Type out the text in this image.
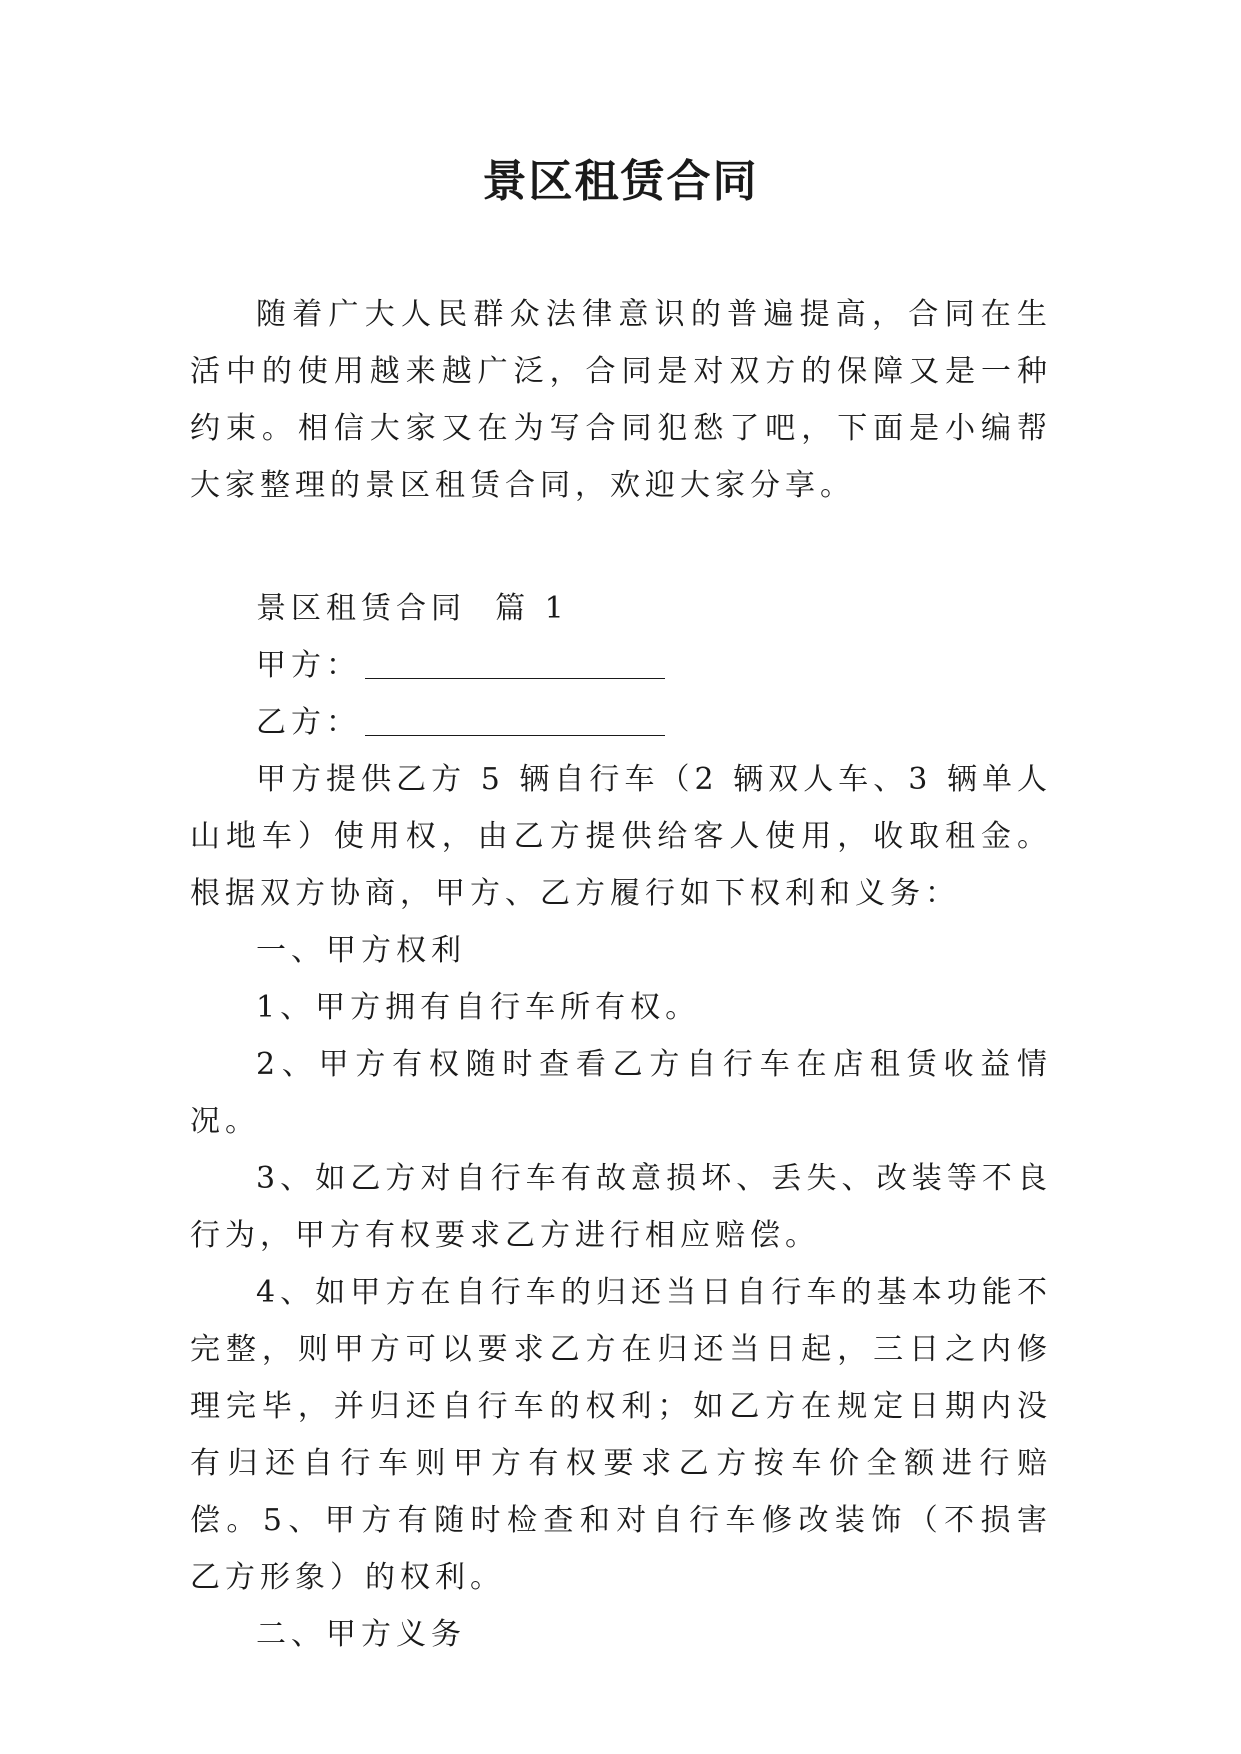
景区租赁合同

随着广大人民群众法律意识的普遍提高，合同在生活中的使用越来越广泛，合同是对双方的保障又是一种约束。相信大家又在为写合同犯愁了吧，下面是小编帮大家整理的景区租赁合同，欢迎大家分享。

景区租赁合同  篇 1

甲方：

乙方：

甲方提供乙方 5 辆自行车（2 辆双人车、3 辆单人山地车）使用权，由乙方提供给客人使用，收取租金。根据双方协商，甲方、乙方履行如下权利和义务：

一、甲方权利

1、甲方拥有自行车所有权。

2、甲方有权随时查看乙方自行车在店租赁收益情况。

3、如乙方对自行车有故意损坏、丢失、改装等不良行为，甲方有权要求乙方进行相应赔偿。

4、如甲方在自行车的归还当日自行车的基本功能不完整，则甲方可以要求乙方在归还当日起，三日之内修理完毕，并归还自行车的权利；如乙方在规定日期内没有归还自行车则甲方有权要求乙方按车价全额进行赔偿。5、甲方有随时检查和对自行车修改装饰（不损害乙方形象）的权利。

二、甲方义务
